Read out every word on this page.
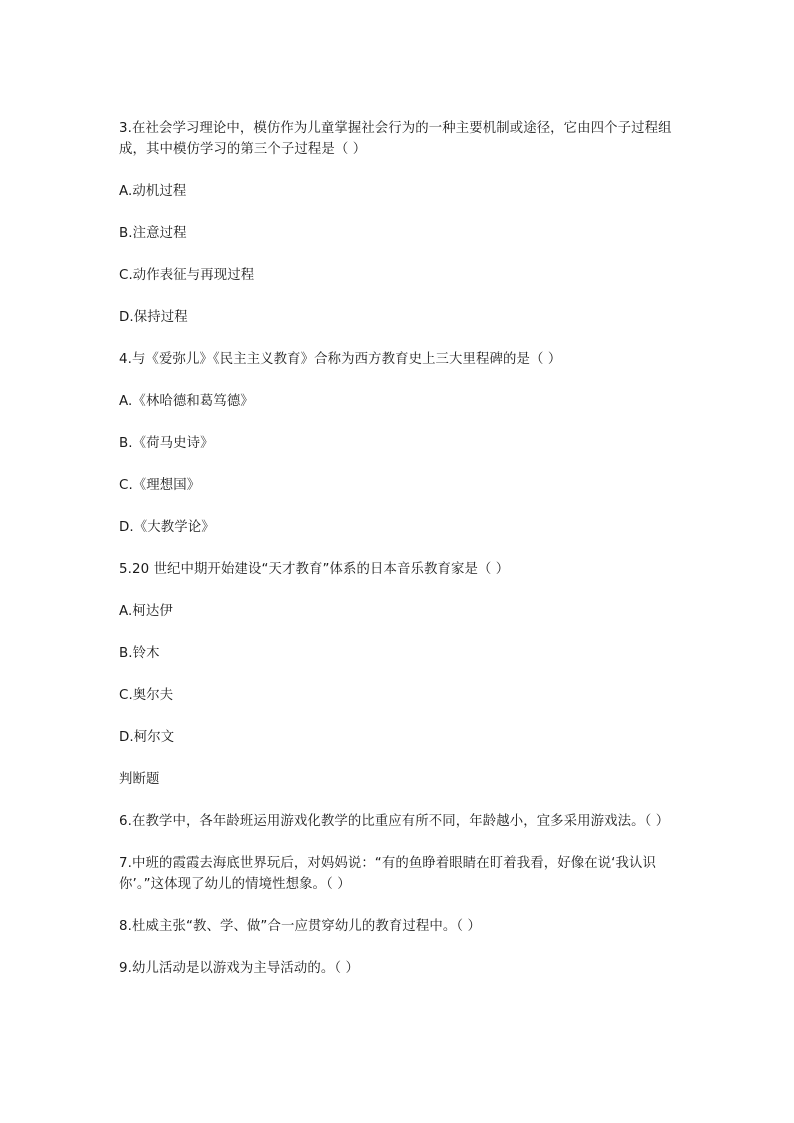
3.在社会学习理论中，模仿作为儿童掌握社会行为的一种主要机制或途径，它由四个子过程组成，其中模仿学习的第三个子过程是（ ）

A.动机过程

B.注意过程

C.动作表征与再现过程

D.保持过程

4.与《爱弥儿》《民主主义教育》合称为西方教育史上三大里程碑的是（ ）

A.《林哈德和葛笃德》

B.《荷马史诗》

C.《理想国》

D.《大教学论》

5.20 世纪中期开始建设“天才教育”体系的日本音乐教育家是（ ）

A.柯达伊

B.铃木

C.奥尔夫

D.柯尔文

判断题

6.在教学中，各年龄班运用游戏化教学的比重应有所不同，年龄越小，宜多采用游戏法。（ ）

7.中班的霞霞去海底世界玩后，对妈妈说：“有的鱼睁着眼睛在盯着我看，好像在说‘我认识你’。”这体现了幼儿的情境性想象。（ ）

8.杜威主张“教、学、做”合一应贯穿幼儿的教育过程中。（ ）

9.幼儿活动是以游戏为主导活动的。（ ）
